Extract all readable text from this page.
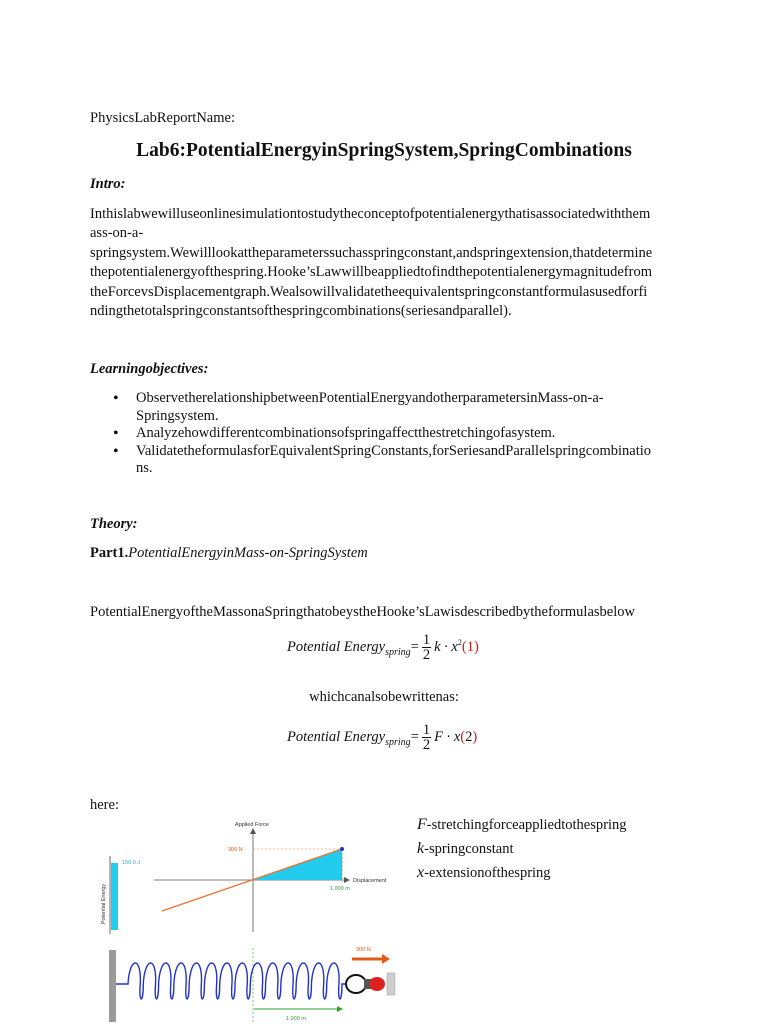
PhysicsLabReportName:
Lab6:PotentialEnergyinSpringSystem,SpringCombinations
Intro:
Inthislabwewilluseonlinesimulationtostudytheconceptofpotentialenergythatisassociatedwiththem
ass-on-a-
springsystem.Wewilllookattheparameterssuchasspringconstant,andspringextension,thatdetermine
thepotentialenergyofthespring.Hooke’sLawwillbeappliedtofindthepotentialenergymagnitudefrom
theForcevsDisplacementgraph.Wealsowillvalidatetheequivalentspringconstantformulasusedforfi
ndingthetotalspringconstantsofthespringcombinations(seriesandparallel).
Learningobjectives:
• ObservetherelationshipbetweenPotentialEnergyandotherparametersinMass-on-a-
Springsystem.
• Analyzehowdifferentcombinationsofspringaffectthestretchingofasystem.
• ValidatetheformulasforEquivalentSpringConstants,forSeriesandParallelspringcombinatio
ns.
Theory:
Part1.PotentialEnergyinMass-on-SpringSystem
PotentialEnergyoftheMassonaSpringthatobeystheHooke’sLawisdescribedbytheformulasbelow
Potential Energy$_{spring}$= $\frac{1}{2}$ $k \cdot x^2(1)$
whichcanalsobewrittenas:
Potential Energy$_{spring}$= $\frac{1}{2}$ F · x(2)
here:
F-stretchingforceappliedtothespring
k-springconstant
x-extensionofthespring
Potential Energy
150.0 J
Applied Force
Displacement
300 N
1.000 m
300 N
1.000 m
